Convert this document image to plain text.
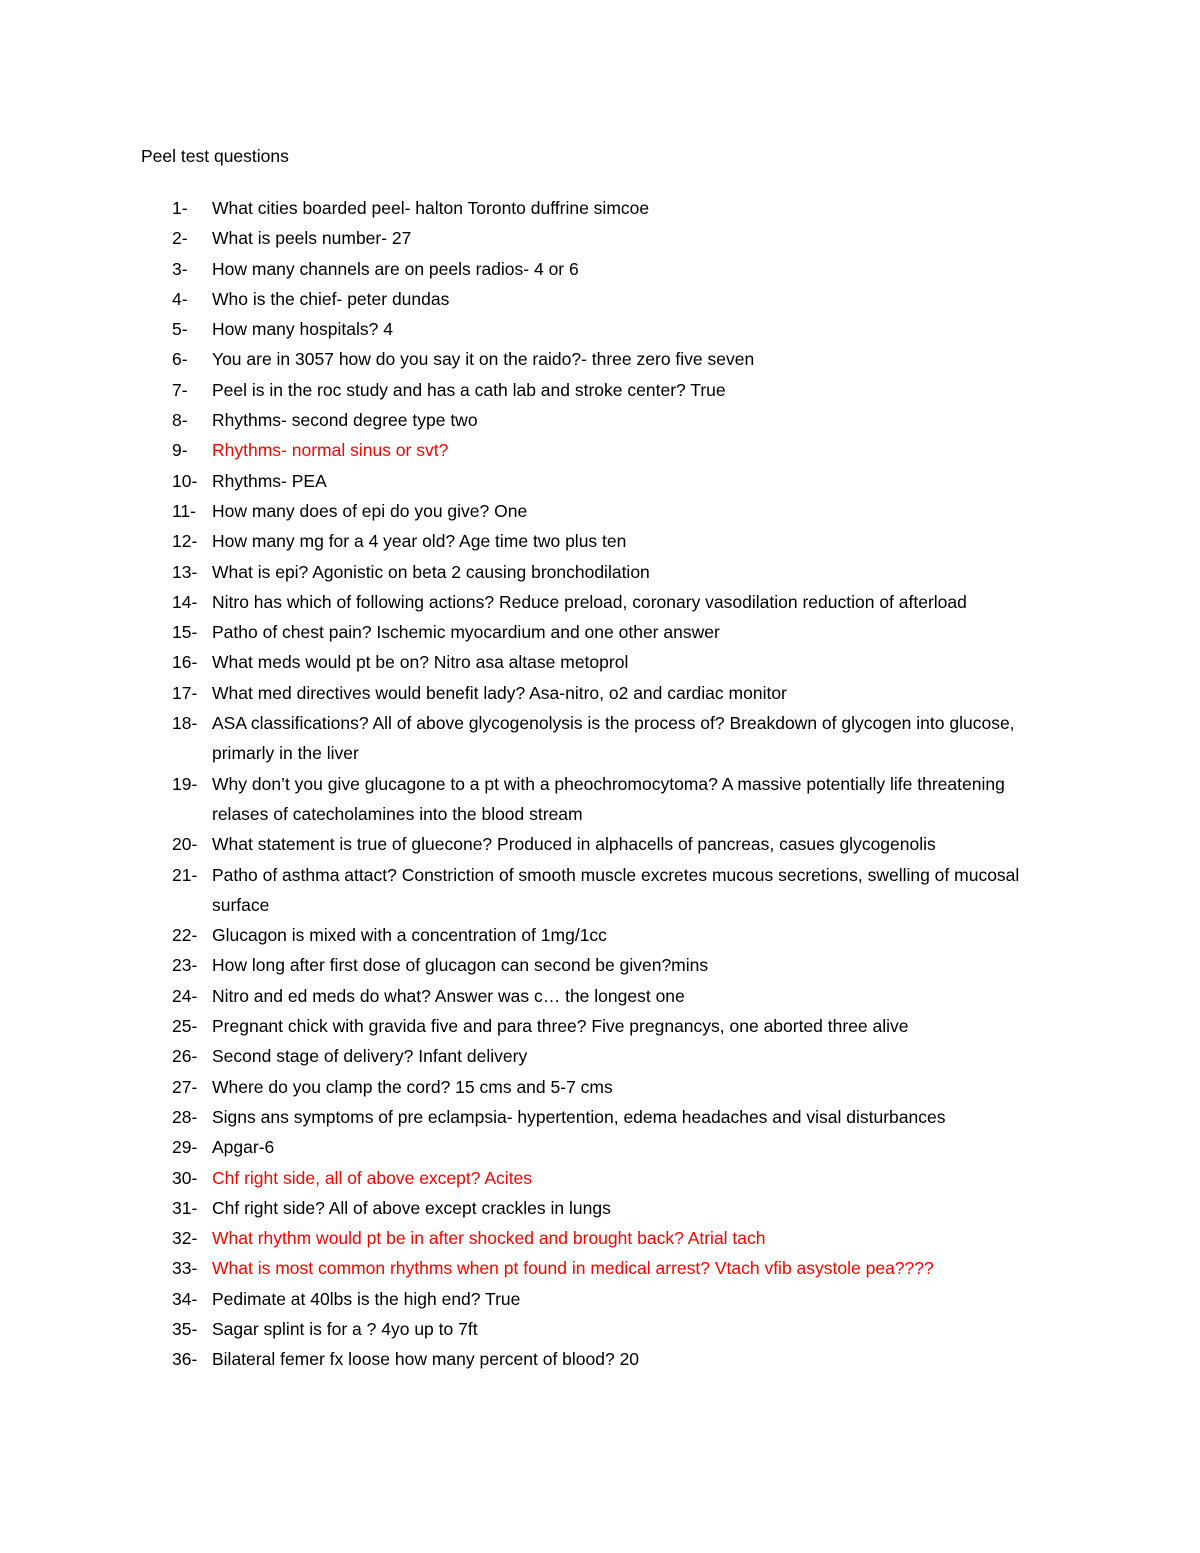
Peel test questions
1- What cities boarded peel- halton Toronto duffrine simcoe
2- What is peels number- 27
3- How many channels are on peels radios- 4 or 6
4- Who is the chief- peter dundas
5- How many hospitals? 4
6- You are in 3057 how do you say it on the raido?- three zero five seven
7- Peel is in the roc study and has a cath lab and stroke center? True
8- Rhythms- second degree type two
9- Rhythms- normal sinus or svt?
10- Rhythms- PEA
11- How many does of epi do you give? One
12- How many mg for a 4 year old? Age time two plus ten
13- What is epi? Agonistic on beta 2 causing bronchodilation
14- Nitro has which of following actions? Reduce preload, coronary vasodilation reduction of afterload
15- Patho of chest pain? Ischemic myocardium and one other answer
16- What meds would pt be on? Nitro asa altase metoprol
17- What med directives would benefit lady? Asa-nitro, o2 and cardiac monitor
18- ASA classifications? All of above glycogenolysis is the process of? Breakdown of glycogen into glucose, primarly in the liver
19- Why don’t you give glucagone to a pt with a pheochromocytoma? A massive potentially life threatening relases of catecholamines into the blood stream
20- What statement is true of gluecone? Produced in alphacells of pancreas, casues glycogenolis
21- Patho of asthma attact? Constriction of smooth muscle excretes mucous secretions, swelling of mucosal surface
22- Glucagon is mixed with a concentration of 1mg/1cc
23- How long after first dose of glucagon can second be given?mins
24- Nitro and ed meds do what? Answer was c… the longest one
25- Pregnant chick with gravida five and para three? Five pregnancys, one aborted three alive
26- Second stage of delivery? Infant delivery
27- Where do you clamp the cord? 15 cms and 5-7 cms
28- Signs ans symptoms of pre eclampsia- hypertention, edema headaches and visal disturbances
29- Apgar-6
30- Chf right side, all of above except? Acites
31- Chf right side? All of above except crackles in lungs
32- What rhythm would pt be in after shocked and brought back? Atrial tach
33- What is most common rhythms when pt found in medical arrest? Vtach vfib asystole pea????
34- Pedimate at 40lbs is the high end? True
35- Sagar splint is for a ? 4yo up to 7ft
36- Bilateral femer fx loose how many percent of blood? 20
